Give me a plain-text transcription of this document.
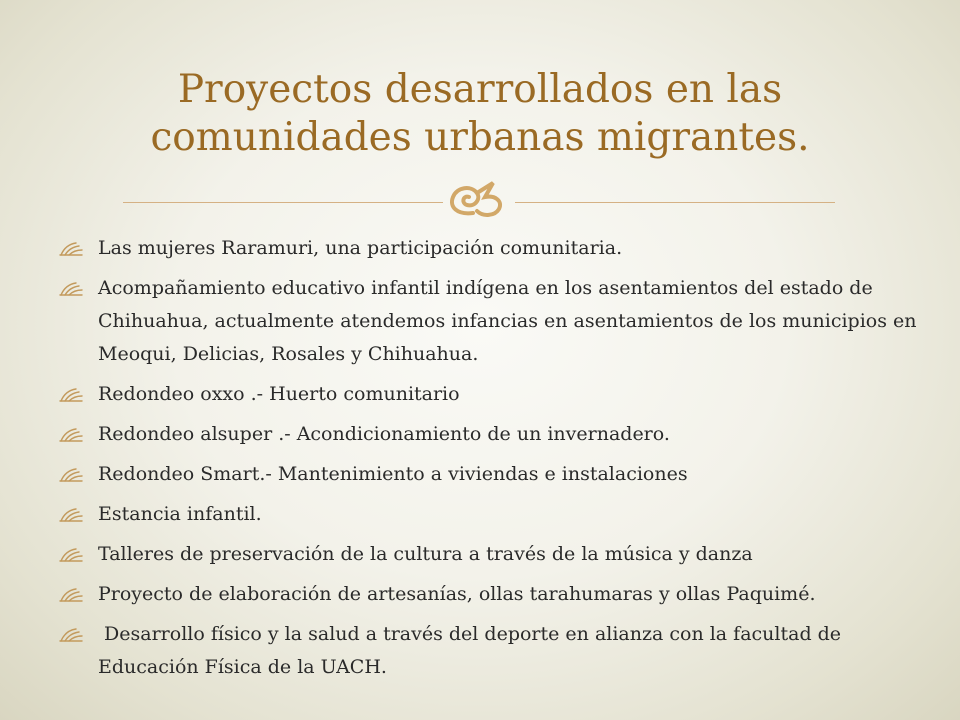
Proyectos desarrollados en las
comunidades urbanas migrantes.
Las mujeres Raramuri, una participación comunitaria.
Acompañamiento educativo infantil indígena en los asentamientos del estado de Chihuahua, actualmente atendemos infancias en asentamientos de los municipios en Meoqui, Delicias, Rosales y Chihuahua.
Redondeo oxxo .- Huerto comunitario
Redondeo alsuper .- Acondicionamiento de un invernadero.
Redondeo Smart.- Mantenimiento a viviendas e instalaciones
Estancia infantil.
Talleres de preservación de la cultura a través de la música y danza
Proyecto de elaboración de artesanías, ollas tarahumaras y ollas Paquimé.
Desarrollo físico y la salud a través del deporte en alianza con la facultad de Educación Física de la UACH.
